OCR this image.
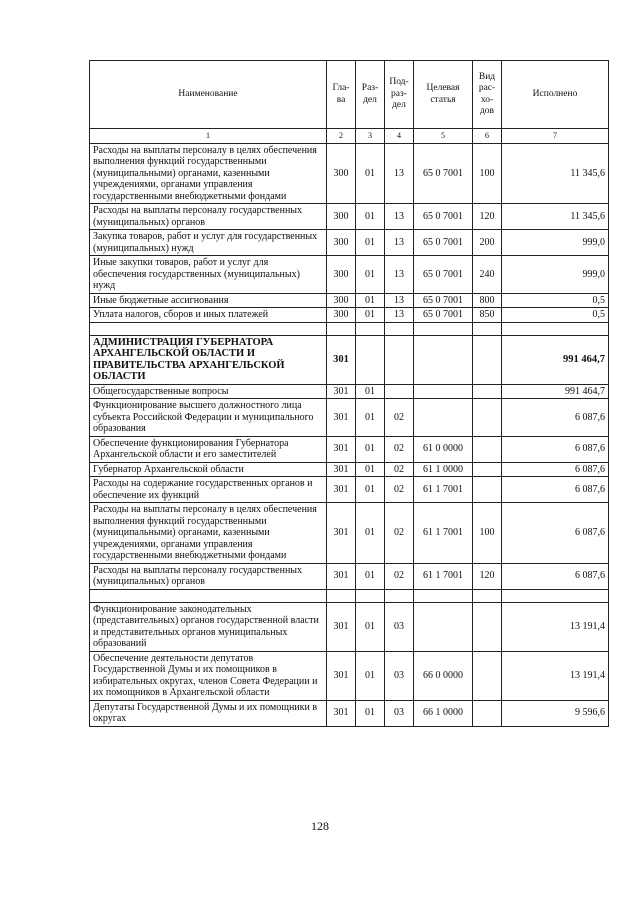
Наименование	Гла-ва	Раз-дел	Под-раз-дел	Целевая статья	Вид рас-хо-дов	Исполнено
1	2	3	4	5	6	7
Расходы на выплаты персоналу в целях обеспечения выполнения функций государственными (муниципальными) органами, казенными учреждениями, органами управления государственными внебюджетными фондами	300	01	13	65 0 7001	100	11 345,6
Расходы на выплаты персоналу государственных (муниципальных) органов	300	01	13	65 0 7001	120	11 345,6
Закупка товаров, работ и услуг для государственных (муниципальных) нужд	300	01	13	65 0 7001	200	999,0
Иные закупки товаров, работ и услуг для обеспечения государственных (муниципальных) нужд	300	01	13	65 0 7001	240	999,0
Иные бюджетные ассигнования	300	01	13	65 0 7001	800	0,5
Уплата налогов, сборов и иных платежей	300	01	13	65 0 7001	850	0,5

АДМИНИСТРАЦИЯ ГУБЕРНАТОРА АРХАНГЕЛЬСКОЙ ОБЛАСТИ И ПРАВИТЕЛЬСТВА АРХАНГЕЛЬСКОЙ ОБЛАСТИ	301					991 464,7
Общегосударственные вопросы	301	01				991 464,7
Функционирование высшего должностного лица субъекта Российской Федерации и муниципального образования	301	01	02			6 087,6
Обеспечение функционирования Губернатора Архангельской области и его заместителей	301	01	02	61 0 0000		6 087,6
Губернатор Архангельской области	301	01	02	61 1 0000		6 087,6
Расходы на содержание государственных органов и обеспечение их функций	301	01	02	61 1 7001		6 087,6
Расходы на выплаты персоналу в целях обеспечения выполнения функций государственными (муниципальными) органами, казенными учреждениями, органами управления государственными внебюджетными фондами	301	01	02	61 1 7001	100	6 087,6
Расходы на выплаты персоналу государственных (муниципальных) органов	301	01	02	61 1 7001	120	6 087,6

Функционирование законодательных (представительных) органов государственной власти и представительных органов муниципальных образований	301	01	03			13 191,4
Обеспечение деятельности депутатов Государственной Думы и их помощников в избирательных округах, членов Совета Федерации и их помощников в Архангельской области	301	01	03	66 0 0000		13 191,4
Депутаты Государственной Думы и их помощники в округах	301	01	03	66 1 0000		9 596,6
128
